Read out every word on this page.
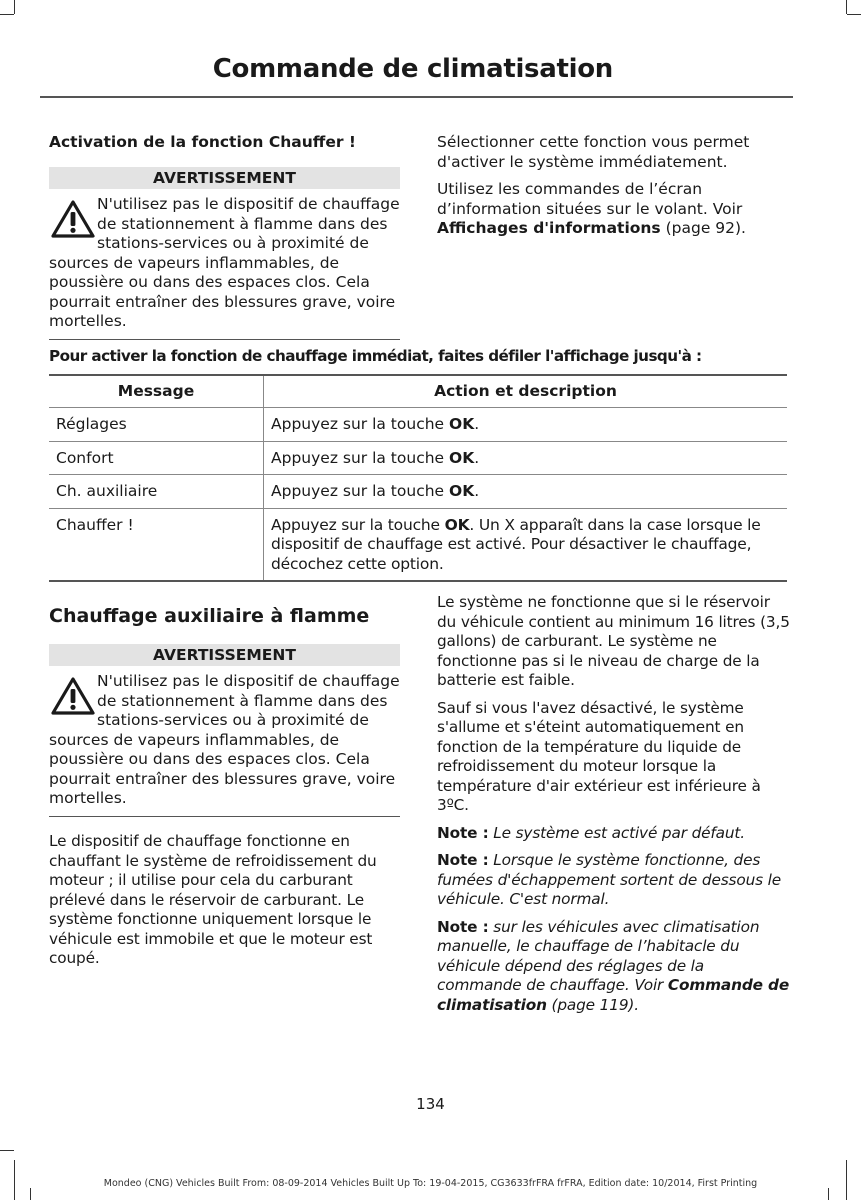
Commande de climatisation
Activation de la fonction Chauffer !
AVERTISSEMENT
N'utilisez pas le dispositif de chauffage de stationnement à flamme dans des stations-services ou à proximité de sources de vapeurs inflammables, de poussière ou dans des espaces clos. Cela pourrait entraîner des blessures grave, voire mortelles.

Sélectionner cette fonction vous permet d'activer le système immédiatement.

Utilisez les commandes de l’écran d’information situées sur le volant. Voir Affichages d'informations (page 92).

Pour activer la fonction de chauffage immédiat, faites défiler l'affichage jusqu'à :
Message	Action et description
Réglages	Appuyez sur la touche OK.
Confort	Appuyez sur la touche OK.
Ch. auxiliaire	Appuyez sur la touche OK.
Chauffer !	Appuyez sur la touche OK. Un X apparaît dans la case lorsque le dispositif de chauffage est activé. Pour désactiver le chauffage, décochez cette option.
Chauffage auxiliaire à flamme
AVERTISSEMENT
N'utilisez pas le dispositif de chauffage de stationnement à flamme dans des stations-services ou à proximité de sources de vapeurs inflammables, de poussière ou dans des espaces clos. Cela pourrait entraîner des blessures grave, voire mortelles.

Le dispositif de chauffage fonctionne en chauffant le système de refroidissement du moteur ; il utilise pour cela du carburant prélevé dans le réservoir de carburant. Le système fonctionne uniquement lorsque le véhicule est immobile et que le moteur est coupé.

Le système ne fonctionne que si le réservoir du véhicule contient au minimum 16 litres (3,5 gallons) de carburant. Le système ne fonctionne pas si le niveau de charge de la batterie est faible.

Sauf si vous l'avez désactivé, le système s'allume et s'éteint automatiquement en fonction de la température du liquide de refroidissement du moteur lorsque la température d'air extérieur est inférieure à 3ºC.

Note : Le système est activé par défaut.

Note : Lorsque le système fonctionne, des fumées d'échappement sortent de dessous le véhicule. C'est normal.

Note : sur les véhicules avec climatisation manuelle, le chauffage de l’habitacle du véhicule dépend des réglages de la commande de chauffage. Voir Commande de climatisation (page 119).

134
Mondeo (CNG) Vehicles Built From: 08-09-2014 Vehicles Built Up To: 19-04-2015, CG3633frFRA frFRA, Edition date: 10/2014, First Printing
